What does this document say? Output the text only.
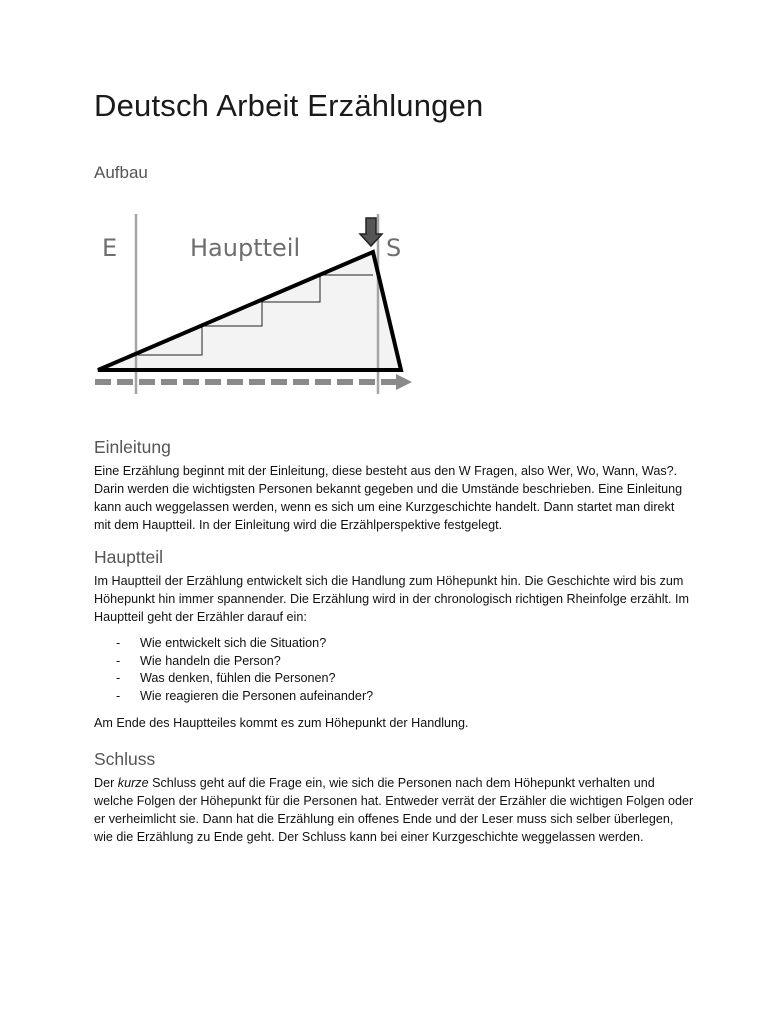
Deutsch Arbeit Erzählungen
Aufbau
E	Hauptteil	S
Einleitung

Eine Erzählung beginnt mit der Einleitung, diese besteht aus den W Fragen, also Wer, Wo, Wann, Was?. Darin werden die wichtigsten Personen bekannt gegeben und die Umstände beschrieben. Eine Einleitung kann auch weggelassen werden, wenn es sich um eine Kurzgeschichte handelt. Dann startet man direkt mit dem Hauptteil. In der Einleitung wird die Erzählperspektive festgelegt.

Hauptteil

Im Hauptteil der Erzählung entwickelt sich die Handlung zum Höhepunkt hin. Die Geschichte wird bis zum Höhepunkt hin immer spannender. Die Erzählung wird in der chronologisch richtigen Rheinfolge erzählt. Im Hauptteil geht der Erzähler darauf ein:

- Wie entwickelt sich die Situation?
- Wie handeln die Person?
- Was denken, fühlen die Personen?
- Wie reagieren die Personen aufeinander?

Am Ende des Hauptteiles kommt es zum Höhepunkt der Handlung.

Schluss

Der kurze Schluss geht auf die Frage ein, wie sich die Personen nach dem Höhepunkt verhalten und welche Folgen der Höhepunkt für die Personen hat. Entweder verrät der Erzähler die wichtigen Folgen oder er verheimlicht sie. Dann hat die Erzählung ein offenes Ende und der Leser muss sich selber überlegen, wie die Erzählung zu Ende geht. Der Schluss kann bei einer Kurzgeschichte weggelassen werden.
